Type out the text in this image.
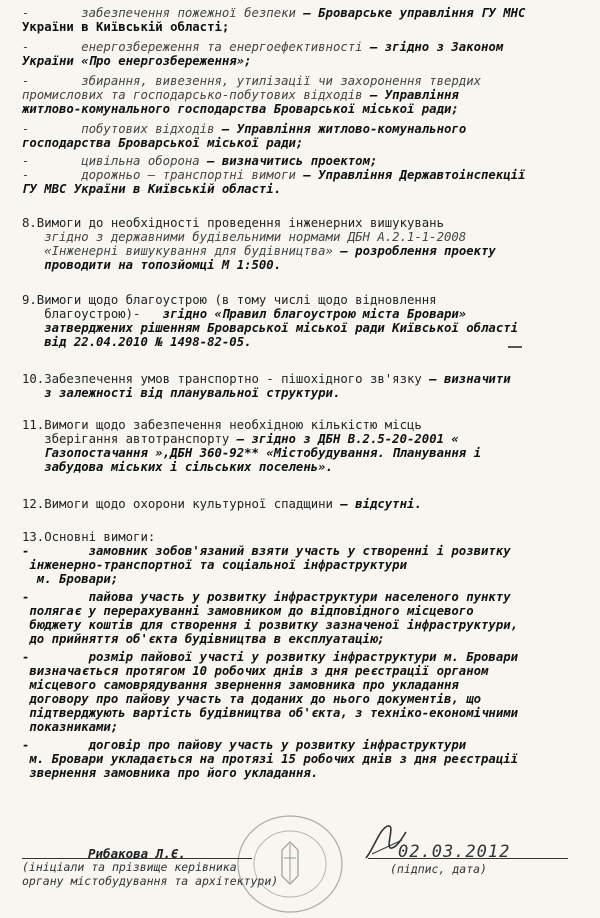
-       забезпечення пожежної безпеки – Броварське управління ГУ МНС
України в Київській області;
-       енергозбереження та енергоефективності – згідно з Законом
України «Про енергозбереження»;
-       збирання, вивезення, утилізації чи захоронення твердих
промислових та господарсько-побутових відходів – Управління
житлово-комунального господарства Броварської міської ради;
-       побутових відходів – Управління житлово-комунального
господарства Броварської міської ради;
-       цивільна оборона – визначитись проектом;
-       дорожньо – транспортні вимоги – Управління Державтоінспекції
ГУ МВС України в Київській області.
8.Вимоги до необхідності проведення інженерних вишукувань
згідно з державними будівельними нормами ДБН А.2.1-1-2008
«Інженерні вишукування для будівництва» – розроблення проекту
проводити на топозйомці М 1:500.
9.Вимоги щодо благоустрою (в тому числі щодо відновлення
благоустрою)-   згідно «Правил благоустрою міста Бровари»
затверджених рішенням Броварської міської ради Київської області
від 22.04.2010 № 1498-82-05.
10.Забезпечення умов транспортно - пішохідного зв'язку – визначити
з залежності від планувальної структури.
11.Вимоги щодо забезпечення необхідною кількістю місць
зберігання автотранспорту – згідно з ДБН В.2.5-20-2001 «
Газопостачання »,ДБН 360-92** «Містобудування. Планування і
забудова міських і сільських поселень».
12.Вимоги щодо охорони культурної спадщини – відсутні.
13.Основні вимоги:
-        замовник зобов'язаний взяти участь у створенні і розвитку
інженерно-транспортної та соціальної інфраструктури
м. Бровари;
-        пайова участь у розвитку інфраструктури населеного пункту
полягає у перерахуванні замовником до відповідного місцевого
бюджету коштів для створення і розвитку зазначеної інфраструктури,
до прийняття об'єкта будівництва в експлуатацію;
-        розмір пайової участі у розвитку інфраструктури м. Бровари
визначається протягом 10 робочих днів з дня реєстрації органом
місцевого самоврядування звернення замовника про укладання
договору про пайову участь та доданих до нього документів, що
підтверджують вартість будівництва об'єкта, з техніко-економічними
показниками;
-        договір про пайову участь у розвитку інфраструктури
м. Бровари укладається на протязі 15 робочих днів з дня реєстрації
звернення замовника про його укладання.
Рибакова Л.Є.	02.03.2012
(ініціали та прізвище керівника
органу містобудування та архітектури)
(підпис, дата)
